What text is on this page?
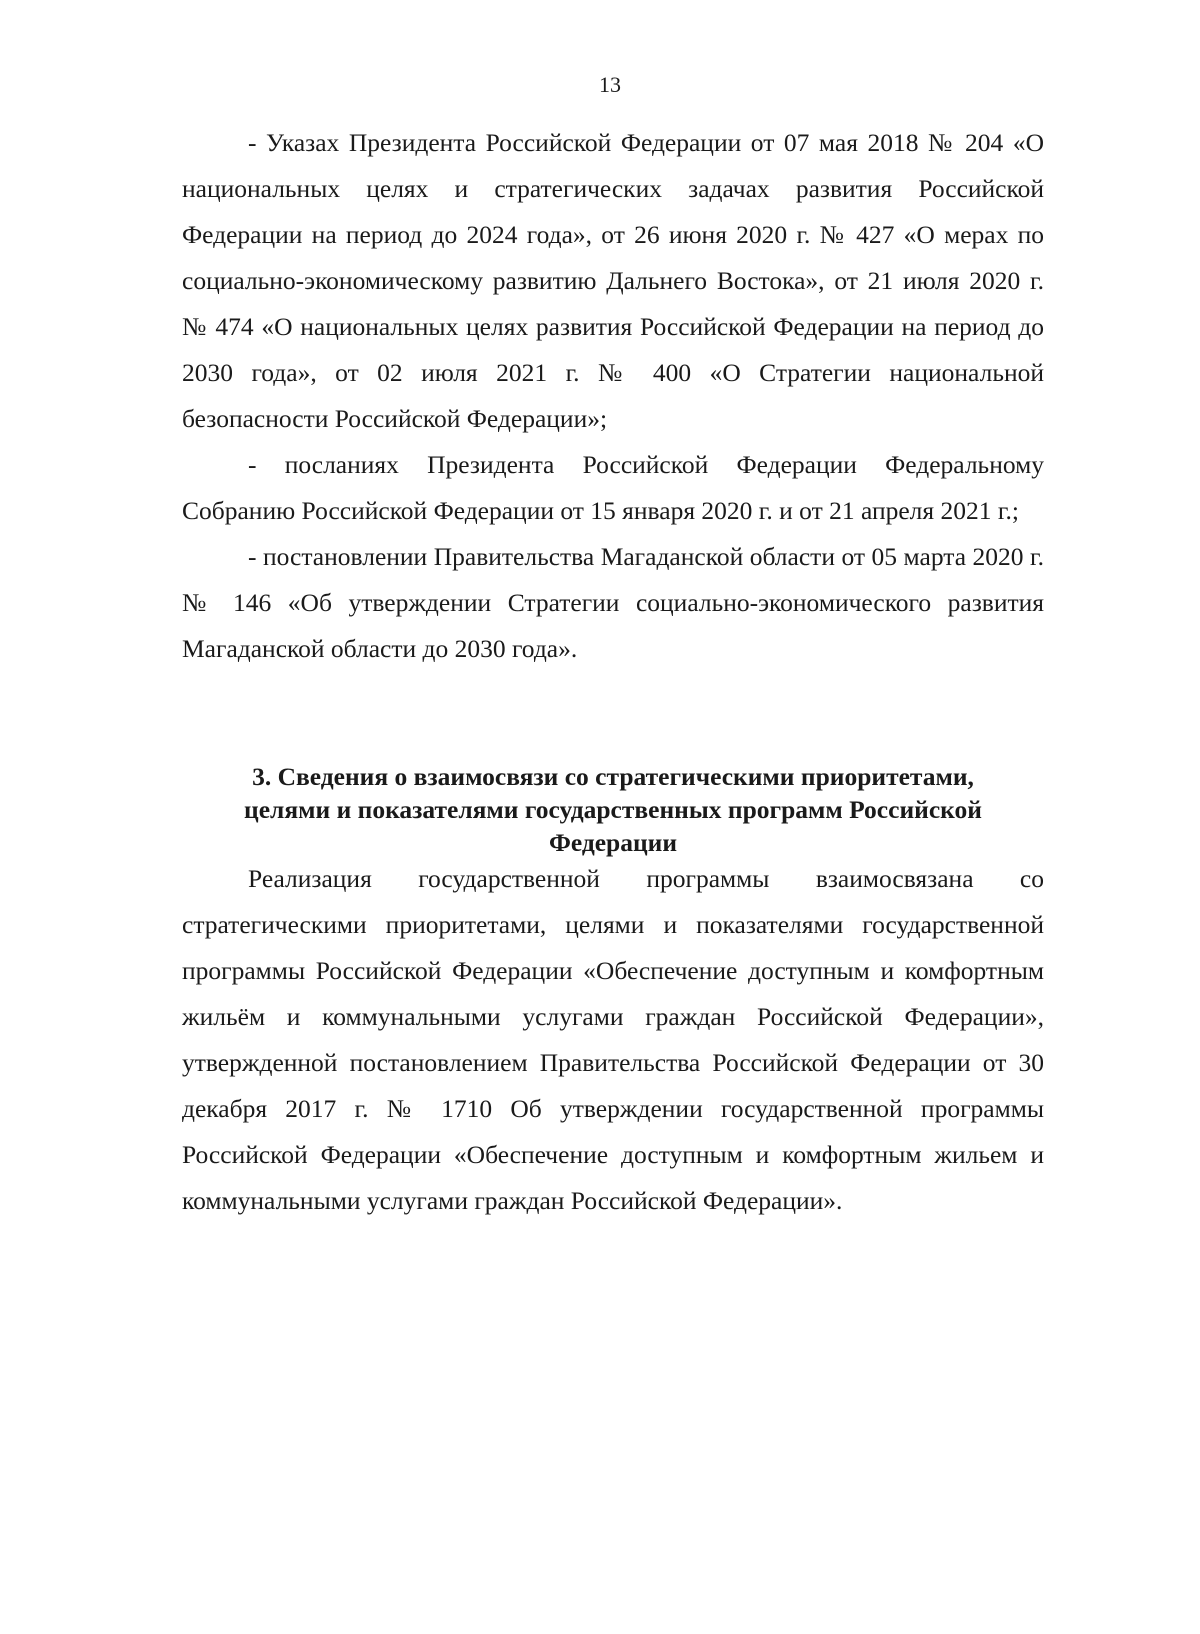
13

- Указах Президента Российской Федерации от 07 мая 2018 № 204 «О национальных целях и стратегических задачах развития Российской Федерации на период до 2024 года», от 26 июня 2020 г. № 427 «О мерах по социально-экономическому развитию Дальнего Востока», от 21 июля 2020 г. № 474 «О национальных целях развития Российской Федерации на период до 2030 года», от 02 июля 2021 г. № 400 «О Стратегии национальной безопасности Российской Федерации»;

- посланиях Президента Российской Федерации Федеральному Собранию Российской Федерации от 15 января 2020 г. и от 21 апреля 2021 г.;

- постановлении Правительства Магаданской области от 05 марта 2020 г. № 146 «Об утверждении Стратегии социально-экономического развития Магаданской области до 2030 года».

3. Сведения о взаимосвязи со стратегическими приоритетами,
целями и показателями государственных программ Российской
Федерации

Реализация государственной программы взаимосвязана со стратегическими приоритетами, целями и показателями государственной программы Российской Федерации «Обеспечение доступным и комфортным жильём и коммунальными услугами граждан Российской Федерации», утвержденной постановлением Правительства Российской Федерации от 30 декабря 2017 г. № 1710 Об утверждении государственной программы Российской Федерации «Обеспечение доступным и комфортным жильем и коммунальными услугами граждан Российской Федерации».
